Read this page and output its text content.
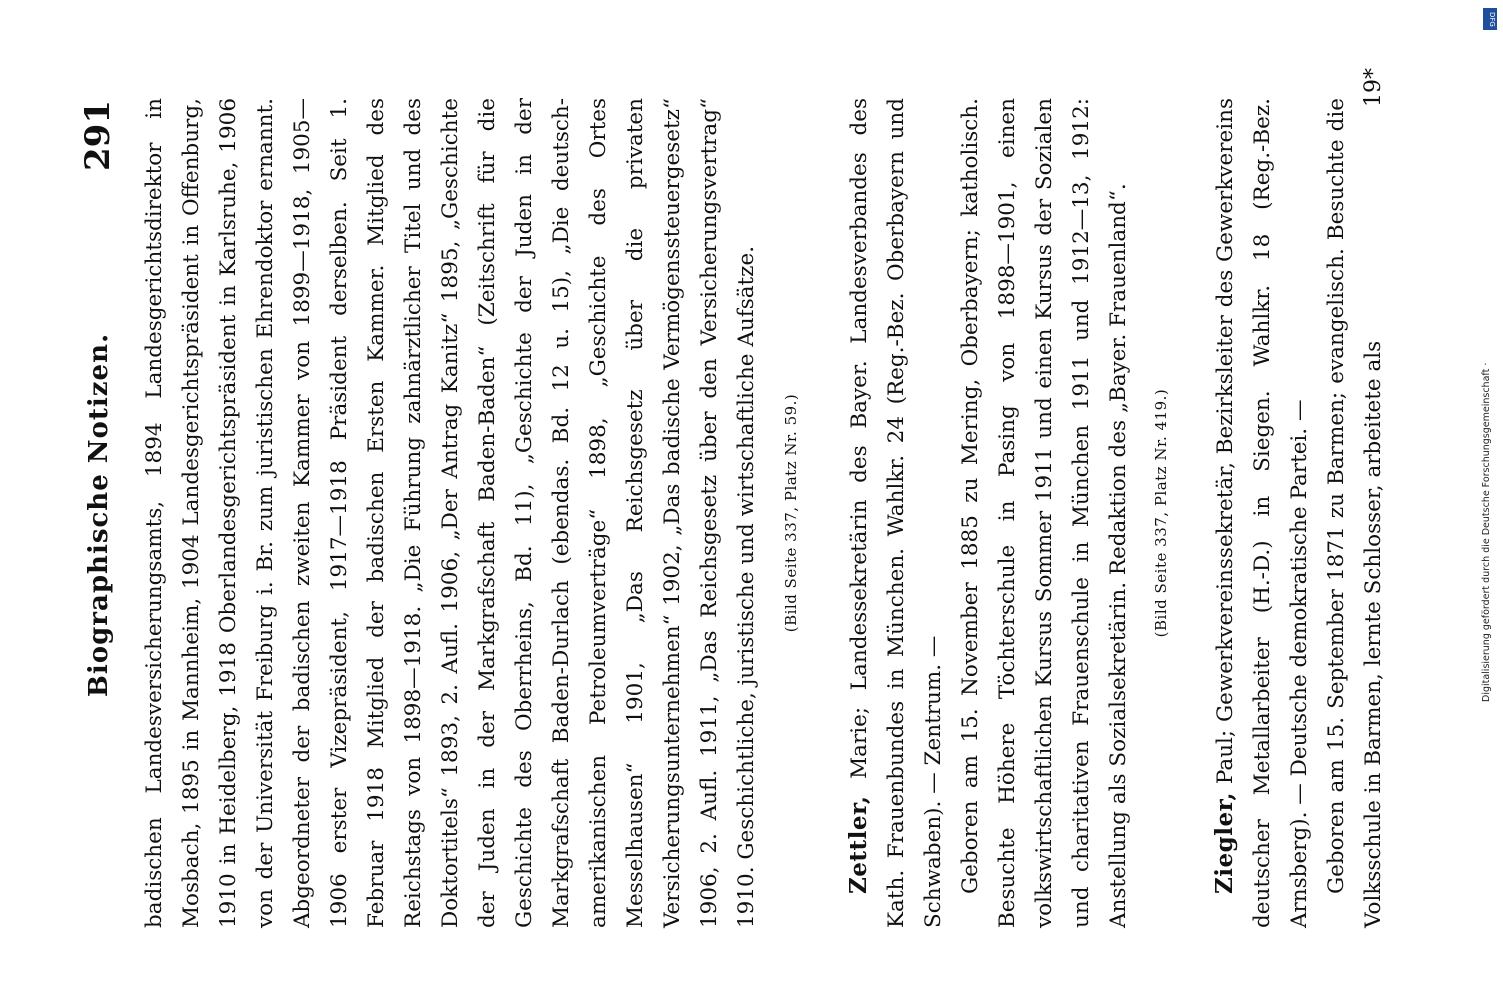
Biographische Notizen.
291 badischen Landesversicherungsamts, 1894 Landesgerichtsdirektor in Mosbach, 1895 in Mannheim, 1904 Landesgerichtspräsident in Offenburg, 1910 in Heidelberg, 1918 Oberlandesgerichtspräsident in Karlsruhe, 1906 von der Universität Freiburg i. Br. zum juristischen Ehrendoktor ernannt. Abgeordneter der badischen zweiten Kammer von 1899—1918, 1905—1906 erster Vizepräsident, 1917—1918 Präsident derselben. Seit 1. Februar 1918 Mitglied der badischen Ersten Kammer. Mitglied des Reichstags von 1898—1918. „Die Führung zahnärztlicher Titel und des Doktortitels“ 1893, 2. Aufl. 1906, „Der Antrag Kanitz“ 1895, „Geschichte der Juden in der Markgrafschaft Baden-Baden“ (Zeitschrift für die Geschichte des Oberrheins, Bd. 11), „Geschichte der Juden in der Markgrafschaft Baden-Durlach (ebendas. Bd. 12 u. 15), „Die deutsch-amerikanischen Petroleumverträge“ 1898, „Geschichte des Ortes Messelhausen“ 1901, „Das Reichsgesetz über die privaten Versicherungsunternehmen“ 1902, „Das badische Vermögenssteuergesetz“ 1906, 2. Aufl. 1911, „Das Reichsgesetz über den Versicherungsvertrag“ 1910. Geschichtliche, juristische und wirtschaftliche Aufsätze.	(Bild Seite 337, Platz Nr. 59.)

Zettler, Marie; Landessekretärin des Bayer. Landesverbandes des Kath. Frauenbundes in München. Wahlkr. 24 (Reg.-Bez. Oberbayern und Schwaben). — Zentrum. — Geboren am 15. November 1885 zu Mering, Oberbayern; katholisch. Besuchte Höhere Töchterschule in Pasing von 1898—1901, einen volkswirtschaftlichen Kursus Sommer 1911 und einen Kursus der Sozialen und charitativen Frauenschule in München 1911 und 1912—13, 1912: Anstellung als Sozialsekretärin. Redaktion des „Bayer. Frauenland“.	(Bild Seite 337, Platz Nr. 419.)

Ziegler, Paul; Gewerkvereinssekretär, Bezirksleiter des Gewerkvereins deutscher Metallarbeiter (H.-D.) in Siegen. Wahlkr. 18 (Reg.-Bez. Arnsberg). — Deutsche demokratische Partei. — Geboren am 15. September 1871 zu Barmen; evangelisch. Besuchte die Volksschule in Barmen, lernte Schlosser, arbeitete als

19*
DFG
Digitalisierung gefördert durch die Deutsche Forschungsgemeinschaft ·
